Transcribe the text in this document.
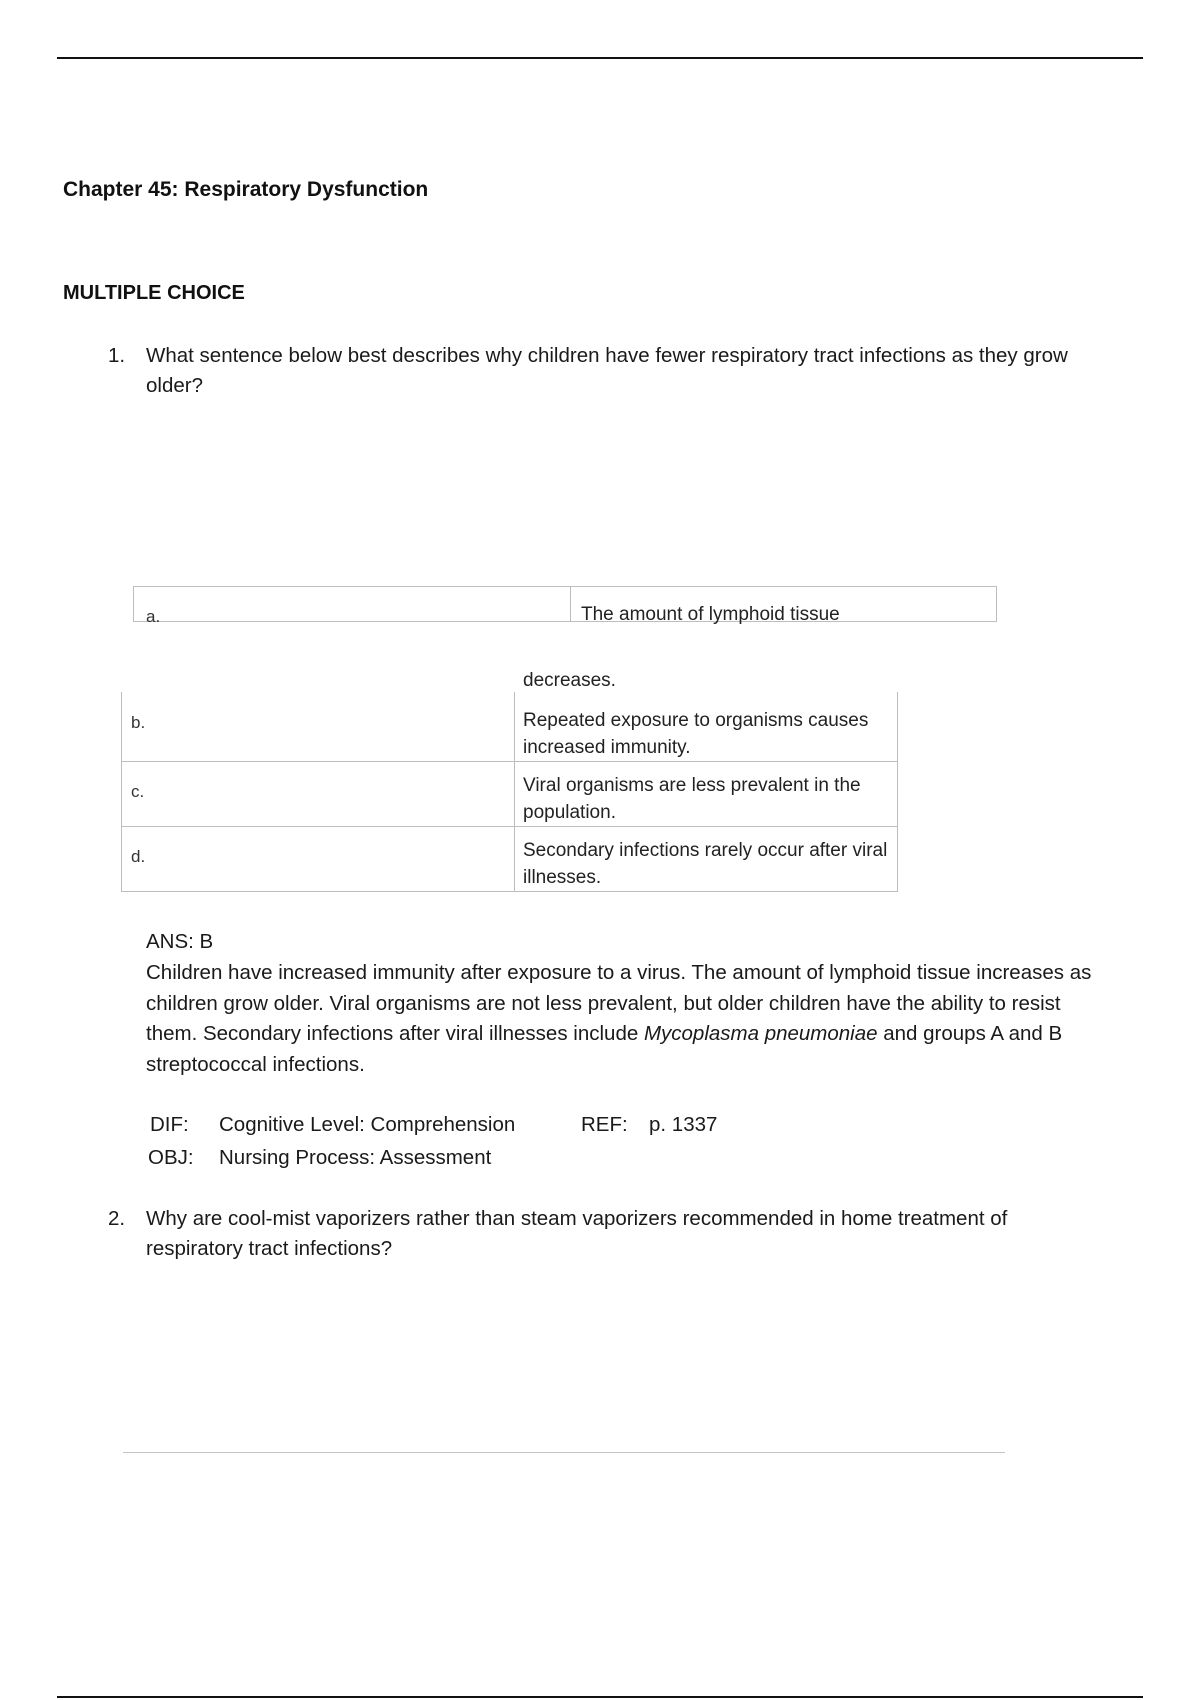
Chapter 45: Respiratory Dysfunction
MULTIPLE CHOICE
1. What sentence below best describes why children have fewer respiratory tract infections as they grow older?
a.	The amount of lymphoid tissue
decreases.
b.	Repeated exposure to organisms causes increased immunity.
c.	Viral organisms are less prevalent in the population.
d.	Secondary infections rarely occur after viral illnesses.
ANS: B
Children have increased immunity after exposure to a virus. The amount of lymphoid tissue increases as children grow older. Viral organisms are not less prevalent, but older children have the ability to resist them. Secondary infections after viral illnesses include Mycoplasma pneumoniae and groups A and B streptococcal infections.
DIF: Cognitive Level: Comprehension	REF: p. 1337
OBJ: Nursing Process: Assessment
2. Why are cool-mist vaporizers rather than steam vaporizers recommended in home treatment of respiratory tract infections?
